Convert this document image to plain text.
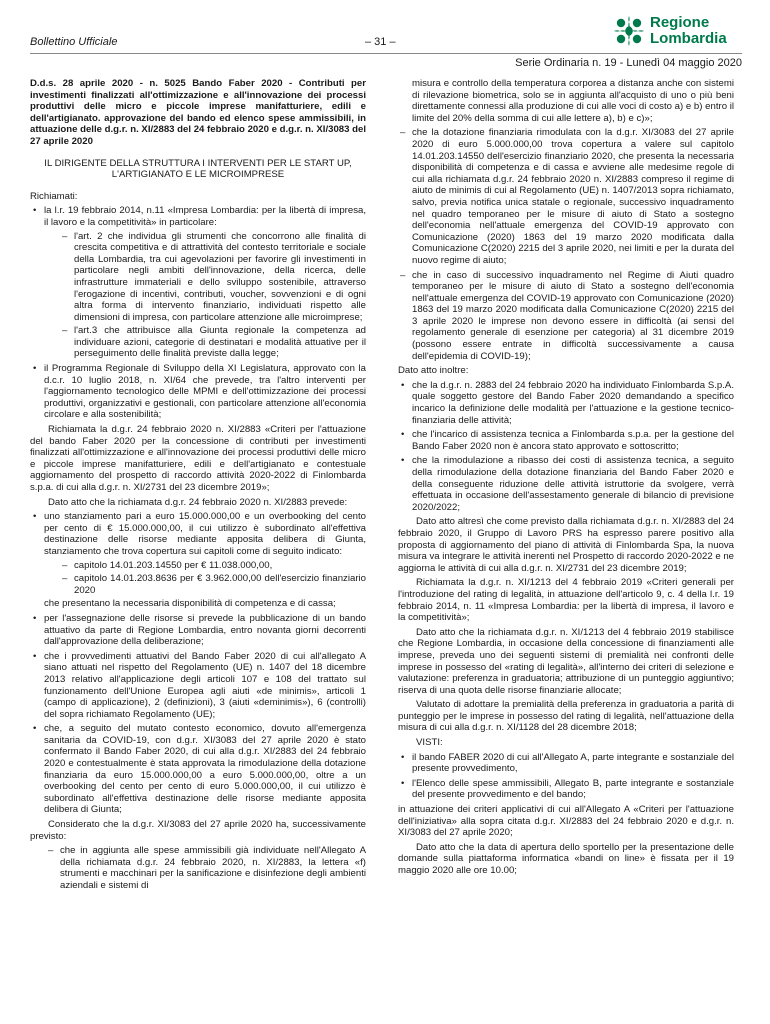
Bollettino Ufficiale	– 31 –
Regione
Lombardia
Serie Ordinaria n. 19 - Lunedì 04 maggio 2020

D.d.s. 28 aprile 2020 - n. 5025 Bando Faber 2020 - Contributi per investimenti finalizzati all'ottimizzazione e all'innovazione dei processi produttivi delle micro e piccole imprese manifatturiere, edili e dell'artigianato. approvazione del bando ed elenco spese ammissibili, in attuazione delle d.g.r. n. XI/2883 del 24 febbraio 2020 e d.g.r. n. XI/3083 del 27 aprile 2020

IL DIRIGENTE DELLA STRUTTURA I INTERVENTI PER LE START UP, L'ARTIGIANATO E LE MICROIMPRESE

Richiamati:

• la l.r. 19 febbraio 2014, n.11 «Impresa Lombardia: per la libertà di impresa, il lavoro e la competitività» in particolare:
– l'art. 2 che individua gli strumenti che concorrono alle finalità di crescita competitiva e di attrattività del contesto territoriale e sociale della Lombardia, tra cui agevolazioni per favorire gli investimenti in particolare negli ambiti dell'innovazione, della ricerca, delle infrastrutture immateriali e dello sviluppo sostenibile, attraverso l'erogazione di incentivi, contributi, voucher, sovvenzioni e di ogni altra forma di intervento finanziario, individuati rispetto alle dimensioni di impresa, con particolare attenzione alle microimprese;
– l'art.3 che attribuisce alla Giunta regionale la competenza ad individuare azioni, categorie di destinatari e modalità attuative per il perseguimento delle finalità previste dalla legge;
• il Programma Regionale di Sviluppo della XI Legislatura, approvato con la d.c.r. 10 luglio 2018, n. XI/64 che prevede, tra l'altro interventi per l'aggiornamento tecnologico delle MPMI e dell'ottimizzazione dei processi produttivi, organizzativi e gestionali, con particolare attenzione all'economia circolare e alla sostenibilità;

Richiamata la d.g.r. 24 febbraio 2020 n. XI/2883 «Criteri per l'attuazione del bando Faber 2020 per la concessione di contributi per investimenti finalizzati all'ottimizzazione e all'innovazione dei processi produttivi delle micro e piccole imprese manifatturiere, edili e dell'artigianato e contestuale aggiornamento del prospetto di raccordo attività 2020-2022 di Finlombarda s.p.a. di cui alla d.g.r. n. XI/2731 del 23 dicembre 2019»;

Dato atto che la richiamata d.g.r. 24 febbraio 2020 n. XI/2883 prevede:

• uno stanziamento pari a euro 15.000.000,00 e un overbooking del cento per cento di € 15.000.000,00, il cui utilizzo è subordinato all'effettiva destinazione delle risorse mediante apposita delibera di Giunta, stanziamento che trova copertura sui capitoli come di seguito indicato:
– capitolo 14.01.203.14550 per € 11.038.000,00,
– capitolo 14.01.203.8636 per € 3.962.000,00 dell'esercizio finanziario 2020
che presentano la necessaria disponibilità di competenza e di cassa;
• per l'assegnazione delle risorse si prevede la pubblicazione di un bando attuativo da parte di Regione Lombardia, entro novanta giorni decorrenti dall'approvazione della deliberazione;
• che i provvedimenti attuativi del Bando Faber 2020 di cui all'allegato A siano attuati nel rispetto del Regolamento (UE) n. 1407 del 18 dicembre 2013 relativo all'applicazione degli articoli 107 e 108 del trattato sul funzionamento dell'Unione Europea agli aiuti «de minimis», articoli 1 (campo di applicazione), 2 (definizioni), 3 (aiuti «deminimis»), 6 (controlli) del sopra richiamato Regolamento (UE);
• che, a seguito del mutato contesto economico, dovuto all'emergenza sanitaria da COVID-19, con d.g.r. XI/3083 del 27 aprile 2020 è stato confermato il Bando Faber 2020, di cui alla d.g.r. XI/2883 del 24 febbraio 2020 e contestualmente è stata approvata la rimodulazione della dotazione finanziaria da euro 15.000.000,00 a euro 5.000.000,00, oltre a un overbooking del cento per cento di euro 5.000.000,00, il cui utilizzo è subordinato all'effettiva destinazione delle risorse mediante apposita delibera di Giunta;

Considerato che la d.g.r. XI/3083 del 27 aprile 2020 ha, successivamente previsto:

– che in aggiunta alle spese ammissibili già individuate nell'Allegato A della richiamata d.g.r. 24 febbraio 2020, n. XI/2883, la lettera «f) strumenti e macchinari per la sanificazione e disinfezione degli ambienti aziendali e sistemi di

misura e controllo della temperatura corporea a distanza anche con sistemi di rilevazione biometrica, solo se in aggiunta all'acquisto di uno o più beni direttamente connessi alla produzione di cui alle voci di costo a) e b) entro il limite del 20% della somma di cui alle lettere a), b) e c)»;

– che la dotazione finanziaria rimodulata con la d.g.r. XI/3083 del 27 aprile 2020 di euro 5.000.000,00 trova copertura a valere sul capitolo 14.01.203.14550 dell'esercizio finanziario 2020, che presenta la necessaria disponibilità di competenza e di cassa e avviene alle medesime regole di cui alla richiamata d.g.r. 24 febbraio 2020 n. XI/2883 compreso il regime di aiuto de minimis di cui al Regolamento (UE) n. 1407/2013 sopra richiamato, salvo, previa notifica unica statale o regionale, successivo inquadramento nel quadro temporaneo per le misure di aiuto di Stato a sostegno dell'economia nell'attuale emergenza del COVID-19 approvato con Comunicazione (2020) 1863 del 19 marzo 2020 modificata dalla Comunicazione C(2020) 2215 del 3 aprile 2020, nei limiti e per la durata del nuovo regime di aiuto;
– che in caso di successivo inquadramento nel Regime di Aiuti quadro temporaneo per le misure di aiuto di Stato a sostegno dell'economia nell'attuale emergenza del COVID-19 approvato con Comunicazione (2020) 1863 del 19 marzo 2020 modificata dalla Comunicazione C(2020) 2215 del 3 aprile 2020 le imprese non devono essere in difficoltà (ai sensi del regolamento generale di esenzione per categoria) al 31 dicembre 2019 (possono essere entrate in difficoltà successivamente a causa dell'epidemia di COVID-19);

Dato atto inoltre:

• che la d.g.r. n. 2883 del 24 febbraio 2020 ha individuato Finlombarda S.p.A. quale soggetto gestore del Bando Faber 2020 demandando a specifico incarico la definizione delle modalità per l'attuazione e la gestione tecnico-finanziaria delle attività;
• che l'incarico di assistenza tecnica a Finlombarda s.p.a. per la gestione del Bando Faber 2020 non è ancora stato approvato e sottoscritto;
• che la rimodulazione a ribasso dei costi di assistenza tecnica, a seguito della rimodulazione della dotazione finanziaria del Bando Faber 2020 e della conseguente riduzione delle attività istruttorie da svolgere, verrà effettuata in occasione dell'assestamento generale di bilancio di previsione 2020/2022;

Dato atto altresì che come previsto dalla richiamata d.g.r. n. XI/2883 del 24 febbraio 2020, il Gruppo di Lavoro PRS ha espresso parere positivo alla proposta di aggiornamento del piano di attività di Finlombarda Spa, la nuova misura va integrare le attività inerenti nel Prospetto di raccordo 2020-2022 e ne aggiorna le attività di cui alla d.g.r. n. XI/2731 del 23 dicembre 2019;

Richiamata la d.g.r. n. XI/1213 del 4 febbraio 2019 «Criteri generali per l'introduzione del rating di legalità, in attuazione dell'articolo 9, c. 4 della l.r. 19 febbraio 2014, n. 11 «Impresa Lombardia: per la libertà di impresa, il lavoro e la competitività»;

Dato atto che la richiamata d.g.r. n. XI/1213 del 4 febbraio 2019 stabilisce che Regione Lombardia, in occasione della concessione di finanziamenti alle imprese, preveda uno dei seguenti sistemi di premialità nei confronti delle imprese in possesso del «rating di legalità», all'interno dei criteri di selezione e valutazione: preferenza in graduatoria; attribuzione di un punteggio aggiuntivo; riserva di una quota delle risorse finanziarie allocate;

Valutato di adottare la premialità della preferenza in graduatoria a parità di punteggio per le imprese in possesso del rating di legalità, nell'attuazione della misura di cui alla d.g.r. n. XI/1128 del 28 dicembre 2018;

VISTI:

• il bando FABER 2020 di cui all'Allegato A, parte integrante e sostanziale del presente provvedimento,
• l'Elenco delle spese ammissibili, Allegato B, parte integrante e sostanziale del presente provvedimento e del bando;

in attuazione dei criteri applicativi di cui all'Allegato A «Criteri per l'attuazione dell'iniziativa» alla sopra citata d.g.r. XI/2883 del 24 febbraio 2020 e d.g.r. n. XI/3083 del 27 aprile 2020;

Dato atto che la data di apertura dello sportello per la presentazione delle domande sulla piattaforma informatica «bandi on line» è fissata per il 19 maggio 2020 alle ore 10.00;
